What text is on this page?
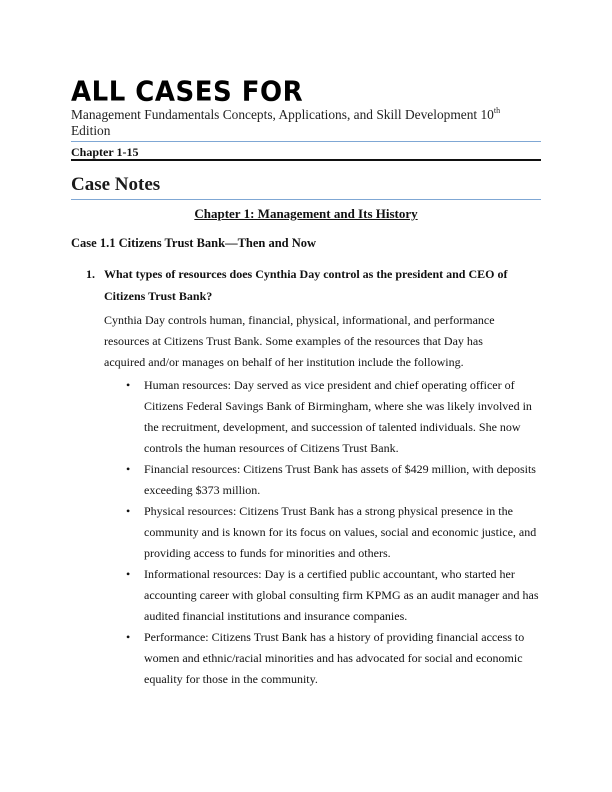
ALL CASES FOR
Management Fundamentals Concepts, Applications, and Skill Development 10th
Edition
Chapter 1-15
Case Notes
Chapter 1: Management and Its History
Case 1.1 Citizens Trust Bank—Then and Now
1. What types of resources does Cynthia Day control as the president and CEO of Citizens Trust Bank?
Cynthia Day controls human, financial, physical, informational, and performance resources at Citizens Trust Bank. Some examples of the resources that Day has acquired and/or manages on behalf of her institution include the following.
• Human resources: Day served as vice president and chief operating officer of Citizens Federal Savings Bank of Birmingham, where she was likely involved in the recruitment, development, and succession of talented individuals. She now controls the human resources of Citizens Trust Bank.
• Financial resources: Citizens Trust Bank has assets of $429 million, with deposits exceeding $373 million.
• Physical resources: Citizens Trust Bank has a strong physical presence in the community and is known for its focus on values, social and economic justice, and providing access to funds for minorities and others.
• Informational resources: Day is a certified public accountant, who started her accounting career with global consulting firm KPMG as an audit manager and has audited financial institutions and insurance companies.
• Performance: Citizens Trust Bank has a history of providing financial access to women and ethnic/racial minorities and has advocated for social and economic equality for those in the community.
